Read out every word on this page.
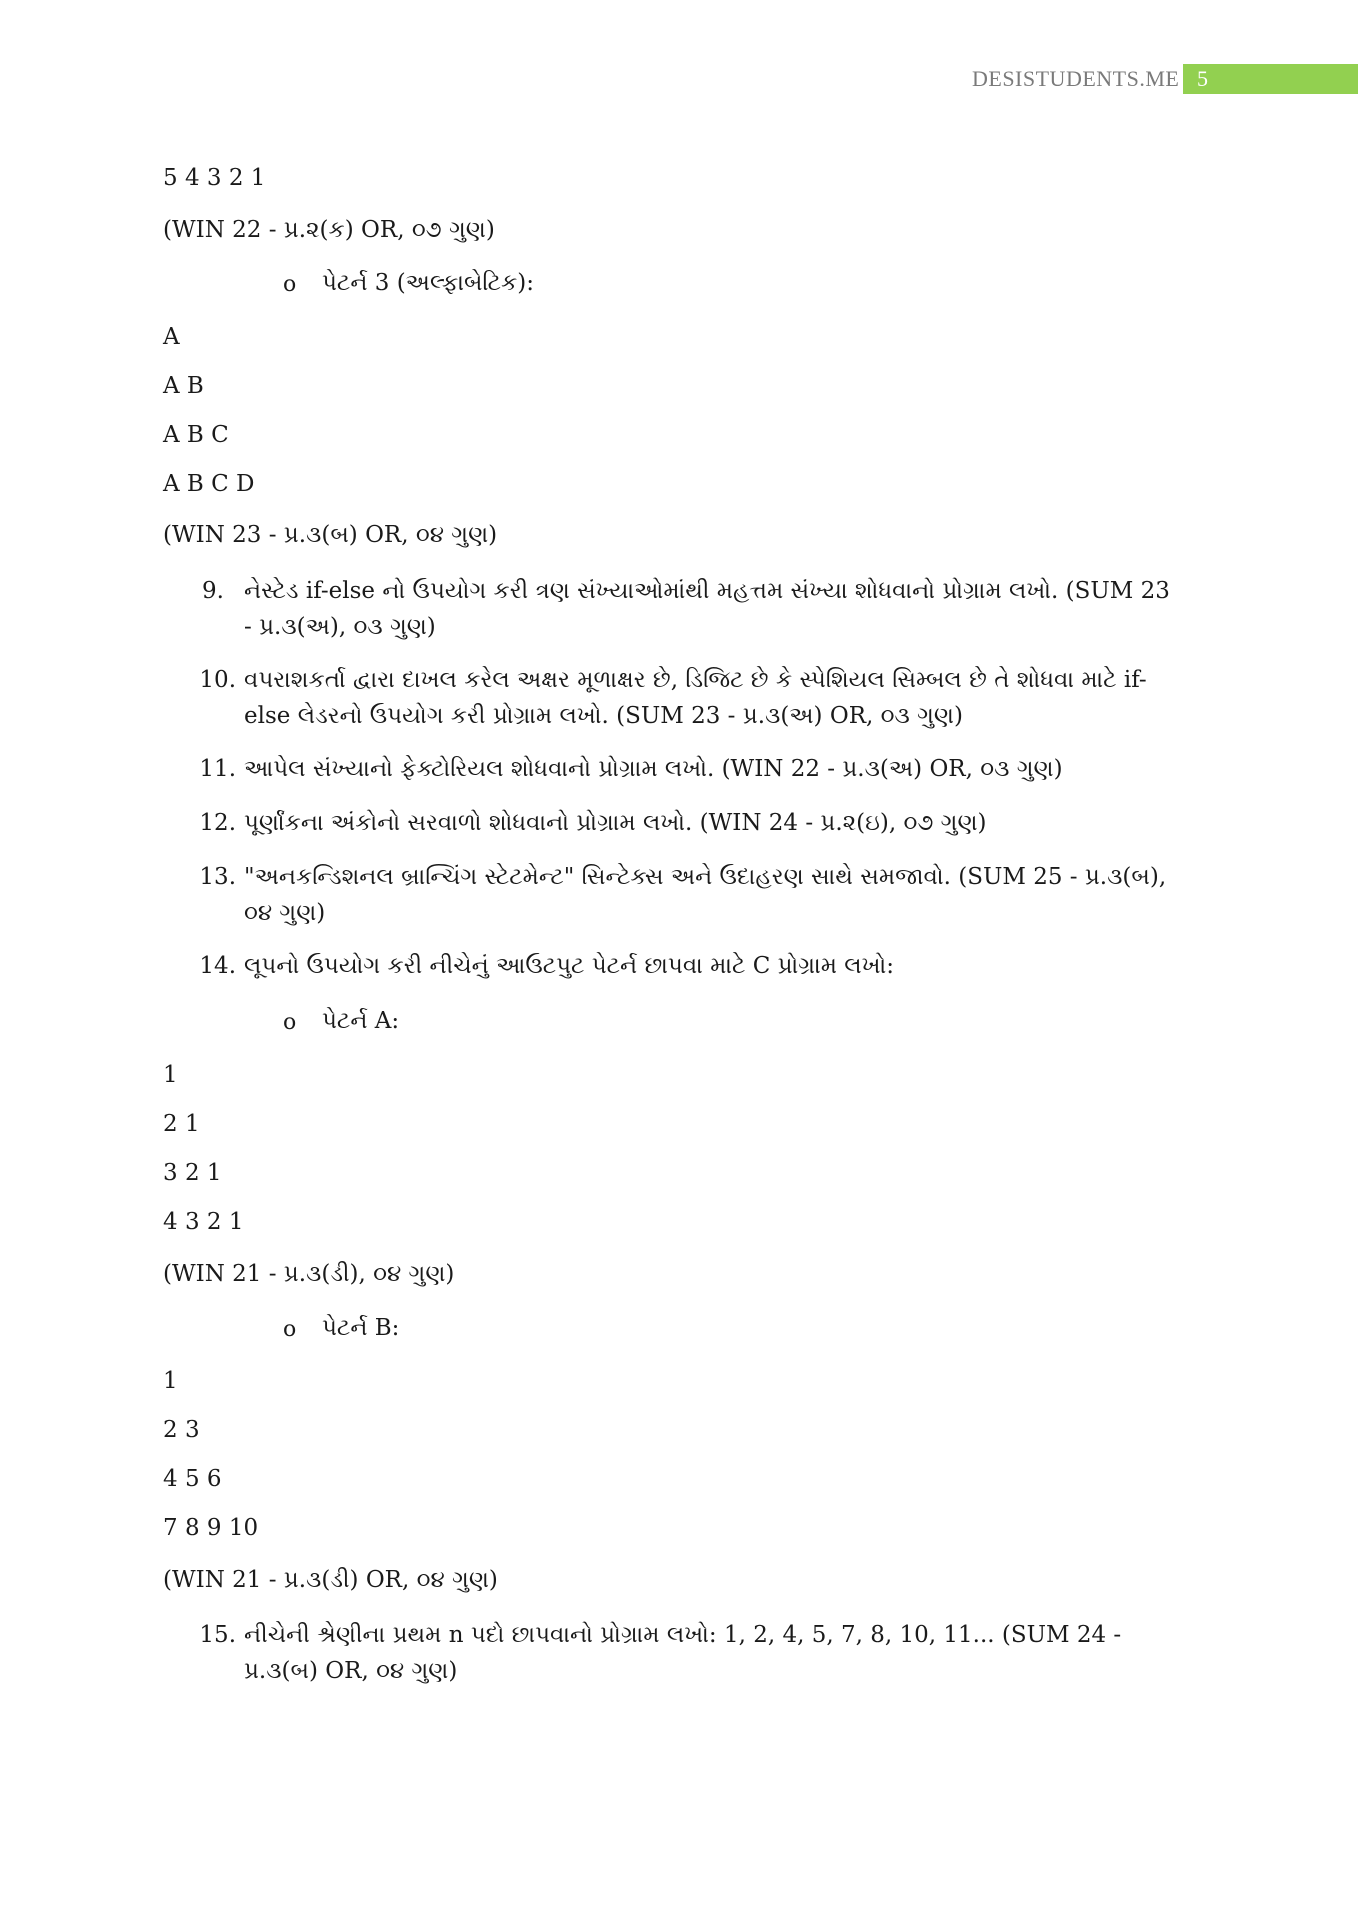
DESISTUDENTS.ME 5
5 4 3 2 1
(WIN 22 - પ્ર.૨(ક) OR, ૦૭ ગુણ)
o પેટર્ન 3 (અલ્ફાબેટિક):
A
A B
A B C
A B C D
(WIN 23 - પ્ર.૩(બ) OR, ૦૪ ગુણ)
9. નેસ્ટેડ if-else નો ઉપયોગ કરી ત્રણ સંખ્યાઓમાંથી મહત્તમ સંખ્યા શોધવાનો પ્રોગ્રામ લખો. (SUM 23 - પ્ર.૩(અ), ૦૩ ગુણ)
10. વપરાશકર્તા દ્વારા દાખલ કરેલ અક્ષર મૂળાક્ષર છે, ડિજિટ છે કે સ્પેશિયલ સિમ્બલ છે તે શોધવા માટે if-else લેડરનો ઉપયોગ કરી પ્રોગ્રામ લખો. (SUM 23 - પ્ર.૩(અ) OR, ૦૩ ગુણ)
11. આપેલ સંખ્યાનો ફેક્ટોરિયલ શોધવાનો પ્રોગ્રામ લખો. (WIN 22 - પ્ર.૩(અ) OR, ૦૩ ગુણ)
12. પૂર્ણાંકના અંકોનો સરવાળો શોધવાનો પ્રોગ્રામ લખો. (WIN 24 - પ્ર.૨(ઇ), ૦૭ ગુણ)
13. "અનકન્ડિશનલ બ્રાન્ચિંગ સ્ટેટમેન્ટ" સિન્ટેક્સ અને ઉદાહરણ સાથે સમજાવો. (SUM 25 - પ્ર.૩(બ), ૦૪ ગુણ)
14. લૂપનો ઉપયોગ કરી નીચેનું આઉટપુટ પેટર્ન છાપવા માટે C પ્રોગ્રામ લખો:
o પેટર્ન A:
1
2 1
3 2 1
4 3 2 1
(WIN 21 - પ્ર.૩(ડી), ૦૪ ગુણ)
o પેટર્ન B:
1
2 3
4 5 6
7 8 9 10
(WIN 21 - પ્ર.૩(ડી) OR, ૦૪ ગુણ)
15. નીચેની શ્રેણીના પ્રથમ n પદો છાપવાનો પ્રોગ્રામ લખો: 1, 2, 4, 5, 7, 8, 10, 11... (SUM 24 - પ્ર.૩(બ) OR, ૦૪ ગુણ)
